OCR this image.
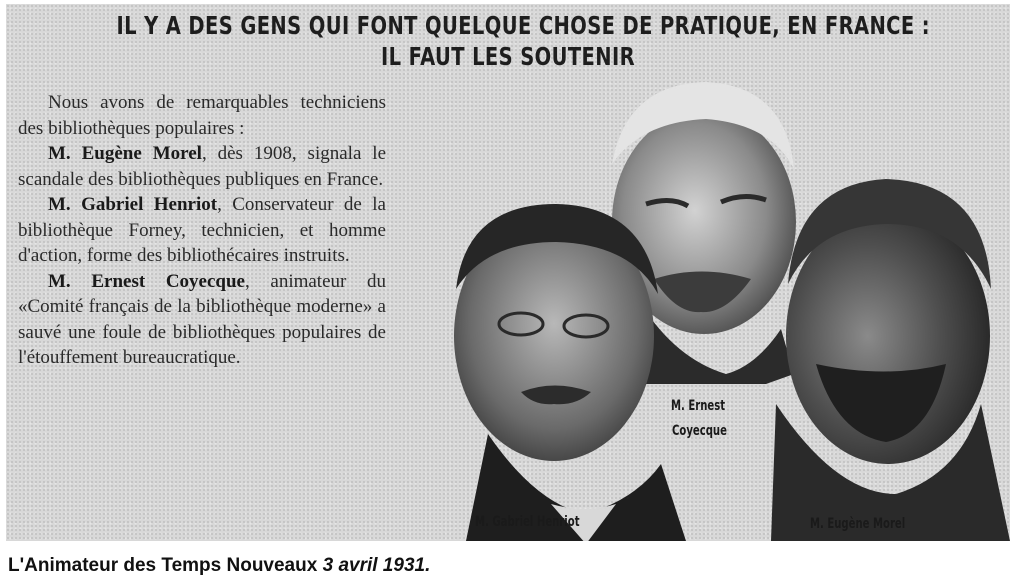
IL Y A DES GENS QUI FONT QUELQUE CHOSE DE PRATIQUE, EN FRANCE :
IL FAUT LES SOUTENIR

Nous avons de remarquables techniciens des bibliothèques populaires :

M. Eugène Morel, dès 1908, signala le scandale des bibliothèques publiques en France.

M. Gabriel Henriot, Conservateur de la bibliothèque Forney, technicien, et homme d'action, forme des bibliothécaires instruits.

M. Ernest Coyecque, animateur du «Comité français de la bibliothèque moderne» a sauvé une foule de bibliothèques populaires de l'étouffement bureaucratique.

M. Gabriel Henriot
M. Ernest
Coyecque
M. Eugène Morel
L'Animateur des Temps Nouveaux 3 avril 1931.
